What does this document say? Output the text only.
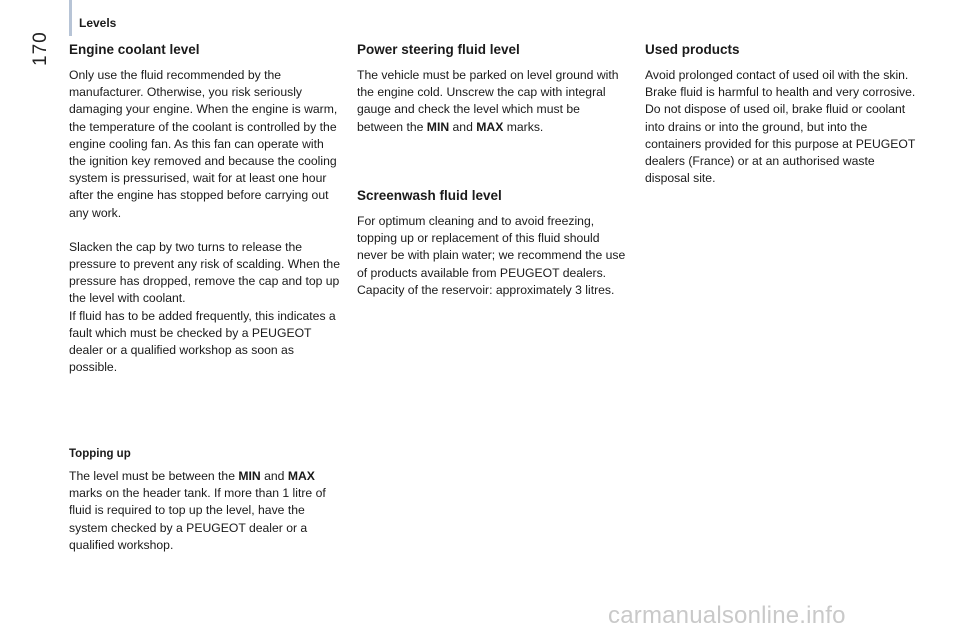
Levels
170 Engine coolant level

Only use the fluid recommended by the manufacturer. Otherwise, you risk seriously damaging your engine. When the engine is warm, the temperature of the coolant is controlled by the engine cooling fan. As this fan can operate with the ignition key removed and because the cooling system is pressurised, wait for at least one hour after the engine has stopped before carrying out any work.

Slacken the cap by two turns to release the pressure to prevent any risk of scalding. When the pressure has dropped, remove the cap and top up the level with coolant.

If fluid has to be added frequently, this indicates a fault which must be checked by a PEUGEOT dealer or a qualified workshop as soon as possible.

Topping up

The level must be between the MIN and MAX marks on the header tank. If more than 1 litre of fluid is required to top up the level, have the system checked by a PEUGEOT dealer or a qualified workshop.

Power steering fluid level

The vehicle must be parked on level ground with the engine cold. Unscrew the cap with integral gauge and check the level which must be between the MIN and MAX marks.

Screenwash fluid level

For optimum cleaning and to avoid freezing, topping up or replacement of this fluid should never be with plain water; we recommend the use of products available from PEUGEOT dealers.

Capacity of the reservoir: approximately 3 litres.

Used products

Avoid prolonged contact of used oil with the skin.

Brake fluid is harmful to health and very corrosive.

Do not dispose of used oil, brake fluid or coolant into drains or into the ground, but into the containers provided for this purpose at PEUGEOT dealers (France) or at an authorised waste disposal site.

carmanualsonline.info
